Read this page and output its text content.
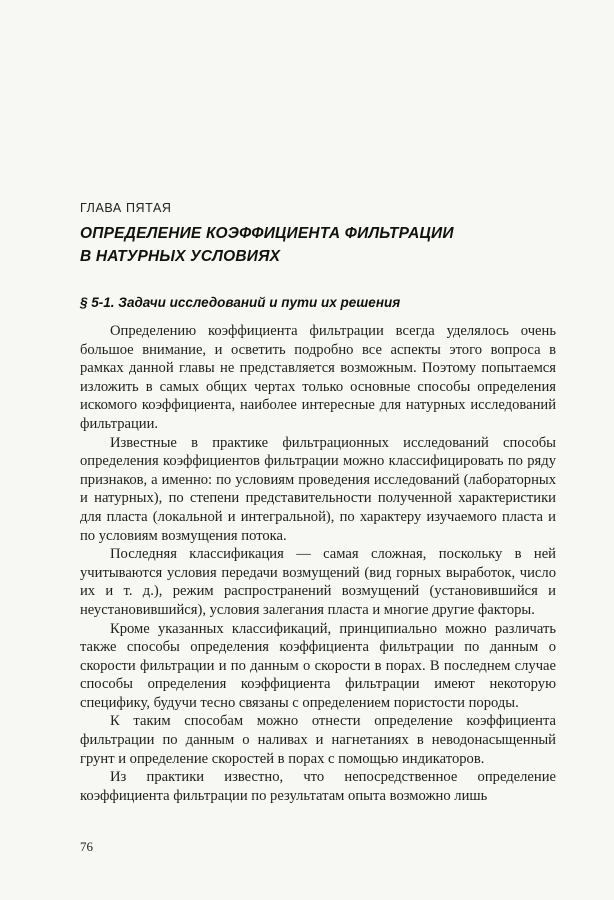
ГЛАВА ПЯТАЯ
ОПРЕДЕЛЕНИЕ КОЭФФИЦИЕНТА ФИЛЬТРАЦИИ
В НАТУРНЫХ УСЛОВИЯХ
§ 5-1. Задачи исследований и пути их решения

Определению коэффициента фильтрации всегда уделялось очень большое внимание, и осветить подробно все аспекты этого вопроса в рамках данной главы не представляется возможным. Поэтому попытаемся изложить в самых общих чертах только основные способы определения искомого коэффициента, наиболее интересные для натурных исследований фильтрации.

Известные в практике фильтрационных исследований способы определения коэффициентов фильтрации можно классифицировать по ряду признаков, а именно: по условиям проведения исследований (лабораторных и натурных), по степени представительности полученной характеристики для пласта (локальной и интегральной), по характеру изучаемого пласта и по условиям возмущения потока.

Последняя классификация — самая сложная, поскольку в ней учитываются условия передачи возмущений (вид горных выработок, число их и т. д.), режим распространений возмущений (установившийся и неустановившийся), условия залегания пласта и многие другие факторы.

Кроме указанных классификаций, принципиально можно различать также способы определения коэффициента фильтрации по данным о скорости фильтрации и по данным о скорости в порах. В последнем случае способы определения коэффициента фильтрации имеют некоторую специфику, будучи тесно связаны с определением пористости породы.

К таким способам можно отнести определение коэффициента фильтрации по данным о наливах и нагнетаниях в неводонасыщенный грунт и определение скоростей в порах с помощью индикаторов.

Из практики известно, что непосредственное определение коэффициента фильтрации по результатам опыта возможно лишь

76
